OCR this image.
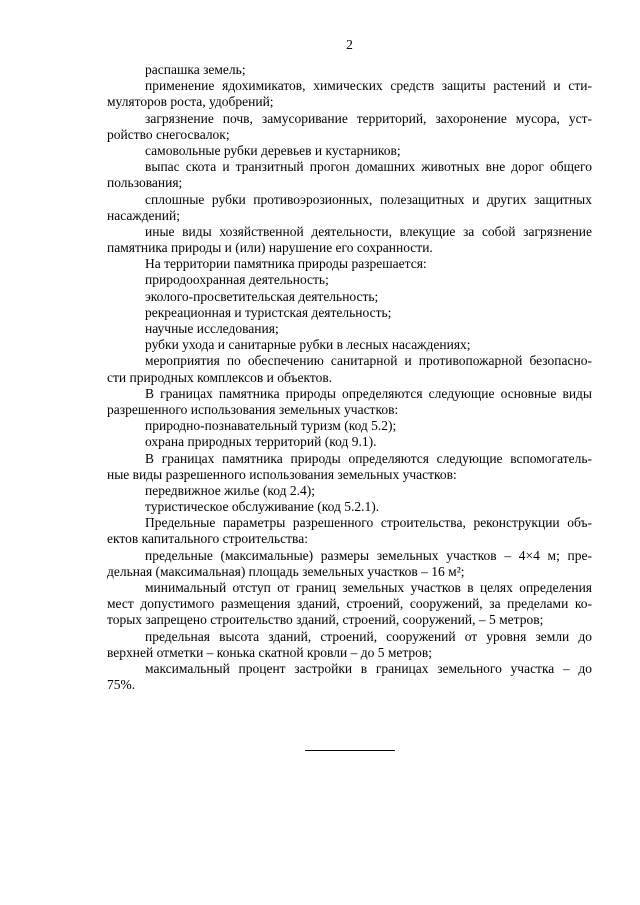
2
распашка земель;
применение ядохимикатов, химических средств защиты растений и сти-
муляторов роста, удобрений;
загрязнение почв, замусоривание территорий, захоронение мусора, уст-
ройство снегосвалок;
самовольные рубки деревьев и кустарников;
выпас скота и транзитный прогон домашних животных вне дорог общего
пользования;
сплошные рубки противоэрозионных, полезащитных и других защитных
насаждений;
иные виды хозяйственной деятельности, влекущие за собой загрязнение
памятника природы и (или) нарушение его сохранности.
На территории памятника природы разрешается:
природоохранная деятельность;
эколого-просветительская деятельность;
рекреационная и туристская деятельность;
научные исследования;
рубки ухода и санитарные рубки в лесных насаждениях;
мероприятия по обеспечению санитарной и противопожарной безопасно-
сти природных комплексов и объектов.
В границах памятника природы определяются следующие основные виды
разрешенного использования земельных участков:
природно-познавательный туризм (код 5.2);
охрана природных территорий (код 9.1).
В границах памятника природы определяются следующие вспомогатель-
ные виды разрешенного использования земельных участков:
передвижное жилье (код 2.4);
туристическое обслуживание (код 5.2.1).
Предельные параметры разрешенного строительства, реконструкции объ-
ектов капитального строительства:
предельные (максимальные) размеры земельных участков – 4×4 м; пре-
дельная (максимальная) площадь земельных участков – 16 м²;
минимальный отступ от границ земельных участков в целях определения
мест допустимого размещения зданий, строений, сооружений, за пределами ко-
торых запрещено строительство зданий, строений, сооружений, – 5 метров;
предельная высота зданий, строений, сооружений от уровня земли до
верхней отметки – конька скатной кровли – до 5 метров;
максимальный процент застройки в границах земельного участка – до
75%.
